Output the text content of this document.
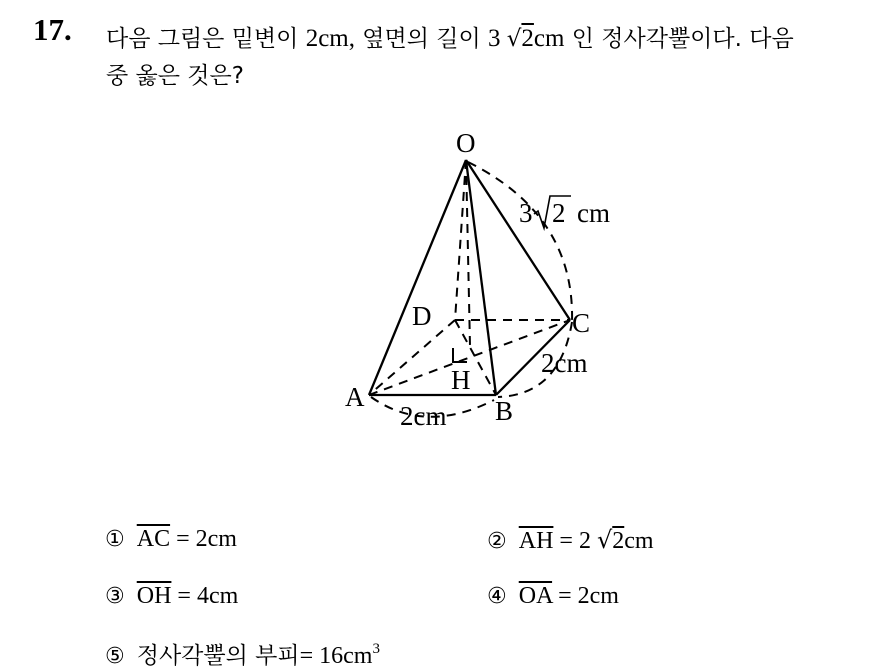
17. 다음 그림은 밑변이 2cm, 옆면의 길이 3 √2cm 인 정사각뿔이다. 다음
중 옳은 것은?
O
A	B
C
D
H
3 2 cm
2cm
2cm
① $\overline{AC} = 2cm$	② $\overline{AH} = 2$ √2cm
③ $\overline{OH} = 4cm$	④ $\overline{OA} = 2cm$
⑤ 정사각뿔의 부피= $16cm^3$
